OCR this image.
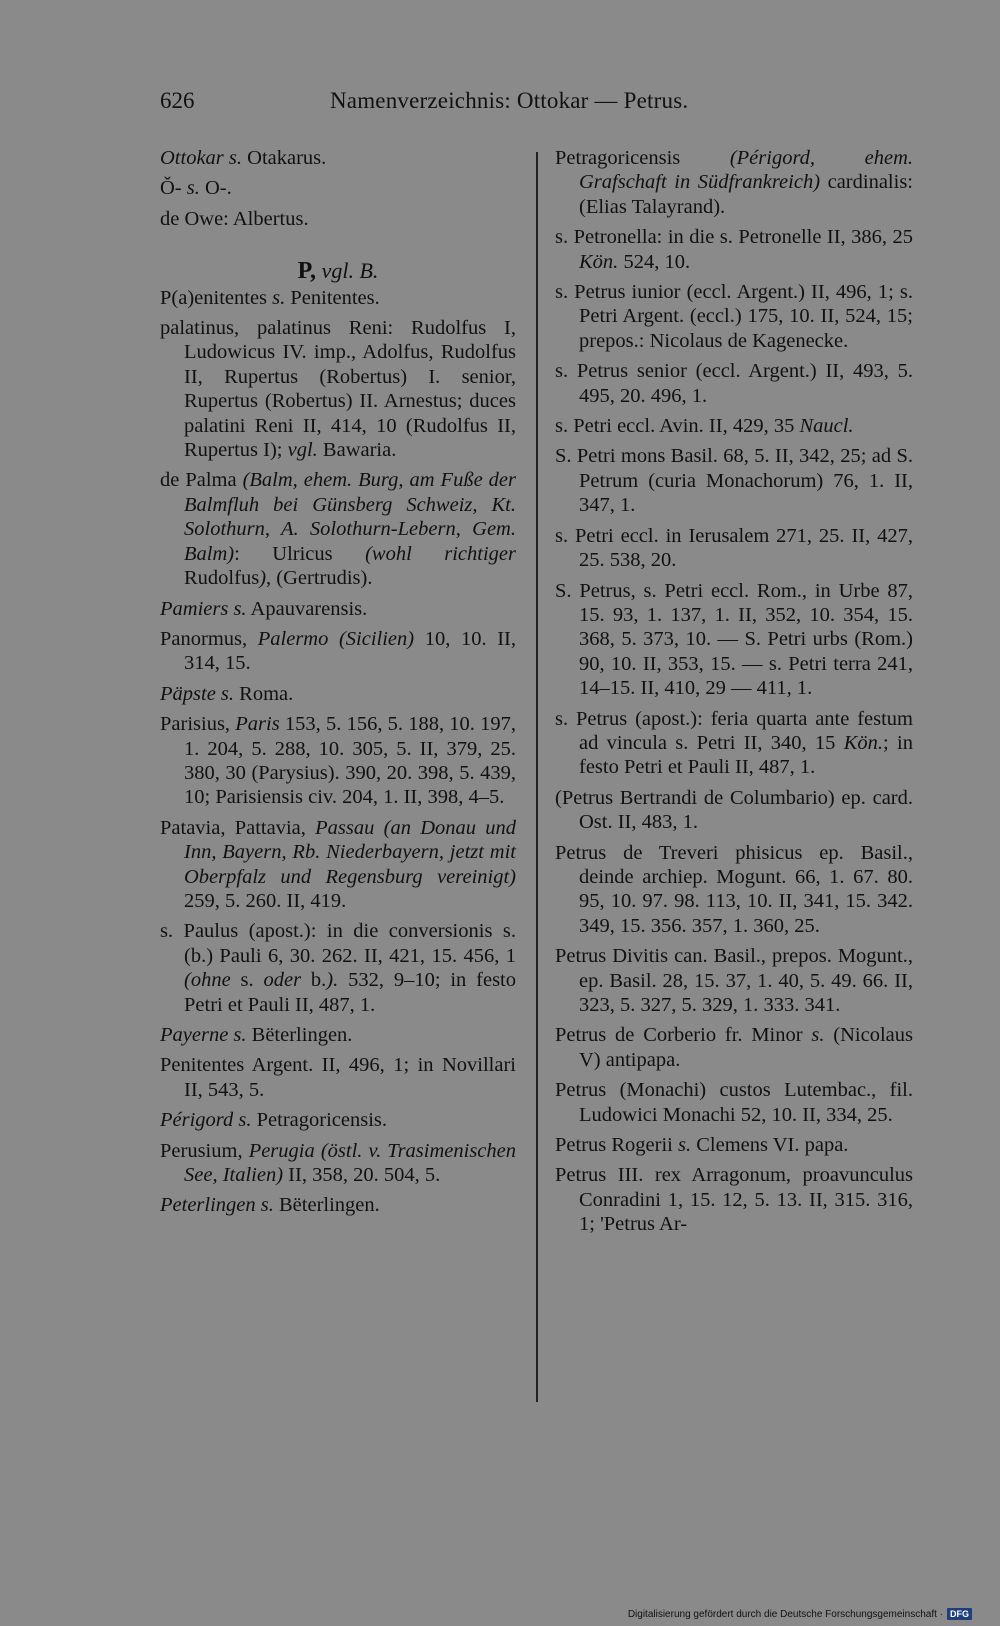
626	Namenverzeichnis: Ottokar — Petrus.
Ottokar s. Otakarus.
Ǒ- s. O-.
de Owe: Albertus.
P, vgl. B.
P(a)enitentes s. Penitentes.
palatinus, palatinus Reni: Rudolfus I, Ludowicus IV. imp., Adolfus, Rudolfus II, Rupertus (Robertus) I. senior, Rupertus (Robertus) II. Arnestus; duces palatini Reni II, 414, 10 (Rudolfus II, Rupertus I); vgl. Bawaria.
de Palma (Balm, ehem. Burg, am Fuße der Balmfluh bei Günsberg Schweiz, Kt. Solothurn, A. Solothurn-Lebern, Gem. Balm): Ulricus (wohl richtiger Rudolfus), (Gertrudis).
Pamiers s. Apauvarensis.
Panormus, Palermo (Sicilien) 10, 10. II, 314, 15.
Päpste s. Roma.
Parisius, Paris 153, 5. 156, 5. 188, 10. 197, 1. 204, 5. 288, 10. 305, 5. II, 379, 25. 380, 30 (Parysius). 390, 20. 398, 5. 439, 10; Parisiensis civ. 204, 1. II, 398, 4–5.
Patavia, Pattavia, Passau (an Donau und Inn, Bayern, Rb. Niederbayern, jetzt mit Oberpfalz und Regensburg vereinigt) 259, 5. 260. II, 419.
s. Paulus (apost.): in die conversionis s. (b.) Pauli 6, 30. 262. II, 421, 15. 456, 1 (ohne s. oder b.). 532, 9–10; in festo Petri et Pauli II, 487, 1.
Payerne s. Bëterlingen.
Penitentes Argent. II, 496, 1; in Novillari II, 543, 5.
Périgord s. Petragoricensis.
Perusium, Perugia (östl. v. Trasimenischen See, Italien) II, 358, 20. 504, 5.
Peterlingen s. Bëterlingen.
Petragoricensis (Périgord, ehem. Grafschaft in Südfrankreich) cardinalis: (Elias Talayrand).
s. Petronella: in die s. Petronelle II, 386, 25 Kön. 524, 10.
s. Petrus iunior (eccl. Argent.) II, 496, 1; s. Petri Argent. (eccl.) 175, 10. II, 524, 15; prepos.: Nicolaus de Kagenecke.
s. Petrus senior (eccl. Argent.) II, 493, 5. 495, 20. 496, 1.
s. Petri eccl. Avin. II, 429, 35 Naucl.
S. Petri mons Basil. 68, 5. II, 342, 25; ad S. Petrum (curia Monachorum) 76, 1. II, 347, 1.
s. Petri eccl. in Ierusalem 271, 25. II, 427, 25. 538, 20.
S. Petrus, s. Petri eccl. Rom., in Urbe 87, 15. 93, 1. 137, 1. II, 352, 10. 354, 15. 368, 5. 373, 10. — S. Petri urbs (Rom.) 90, 10. II, 353, 15. — s. Petri terra 241, 14–15. II, 410, 29 — 411, 1.
s. Petrus (apost.): feria quarta ante festum ad vincula s. Petri II, 340, 15 Kön.; in festo Petri et Pauli II, 487, 1.
(Petrus Bertrandi de Columbario) ep. card. Ost. II, 483, 1.
Petrus de Treveri phisicus ep. Basil., deinde archiep. Mogunt. 66, 1. 67. 80. 95, 10. 97. 98. 113, 10. II, 341, 15. 342. 349, 15. 356. 357, 1. 360, 25.
Petrus Divitis can. Basil., prepos. Mogunt., ep. Basil. 28, 15. 37, 1. 40, 5. 49. 66. II, 323, 5. 327, 5. 329, 1. 333. 341.
Petrus de Corberio fr. Minor s. (Nicolaus V) antipapa.
Petrus (Monachi) custos Lutembac., fil. Ludowici Monachi 52, 10. II, 334, 25.
Petrus Rogerii s. Clemens VI. papa.
Petrus III. rex Arragonum, proavunculus Conradini 1, 15. 12, 5. 13. II, 315. 316, 1; 'Petrus Ar-
Digitalisierung gefördert durch die Deutsche Forschungsgemeinschaft · DFG
